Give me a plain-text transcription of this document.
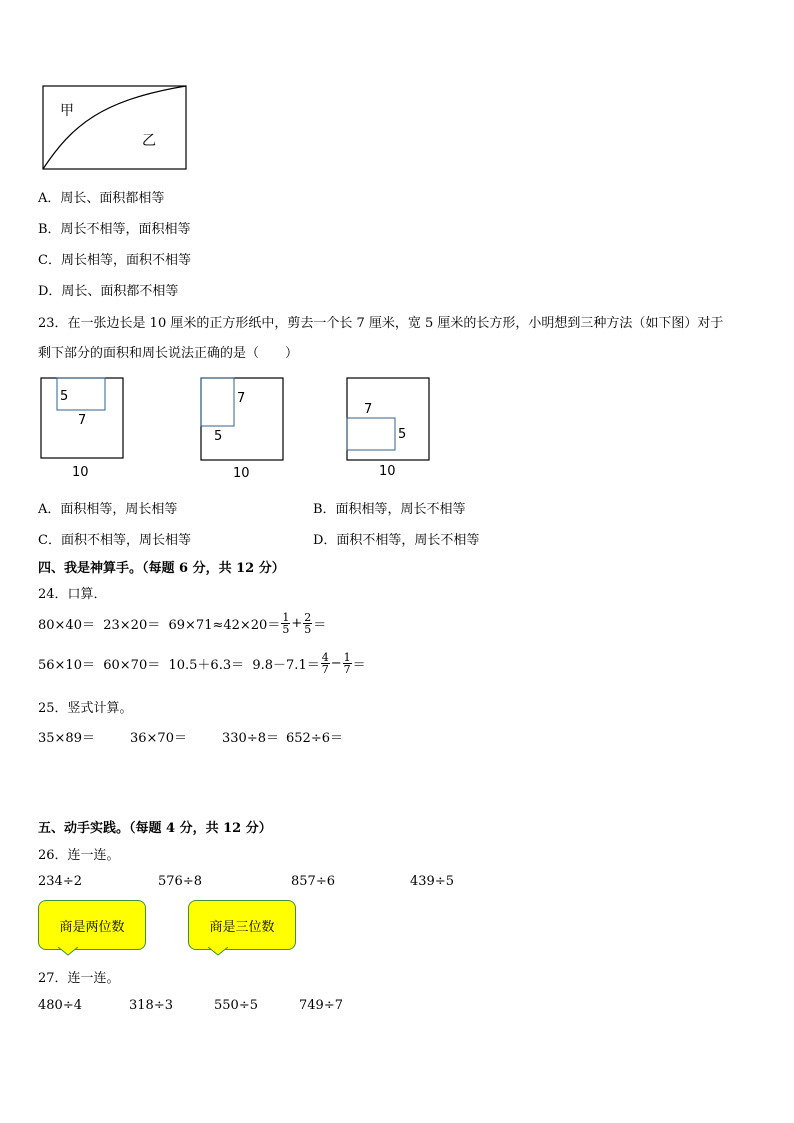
甲
乙
A．周长、面积都相等
B．周长不相等，面积相等
C．周长相等，面积不相等
D．周长、面积都不相等
23．在一张边长是 10 厘米的正方形纸中，剪去一个长 7 厘米，宽 5 厘米的长方形，小明想到三种方法（如下图）对于
剩下部分的面积和周长说法正确的是（　　）
5
7
10
7
5
10
7
5
10
A．面积相等，周长相等	B．面积相等，周长不相等
C．面积不相等，周长相等	D．面积不相等，周长不相等
四、我是神算手。（每题 6 分，共 12 分）
24．口算．
$80\times 40= 23\times 20= 69\times 71\approx 42\times 20= \frac{1}{5} + \frac{2}{5}$ ＝
$56\times 10= 60\times 70= 10.5+6.3= 9.8-7.1= \frac{4}{7} - \frac{1}{7}$ ＝
25．竖式计算。
35×89＝	36×70＝	330÷8＝ 652÷6＝
五、动手实践。（每题 4 分，共 12 分）
26．连一连。
234÷2	576÷8	857÷6	439÷5
商是两位数	商是三位数
27．连一连。
480÷4	318÷3	550÷5	749÷7
